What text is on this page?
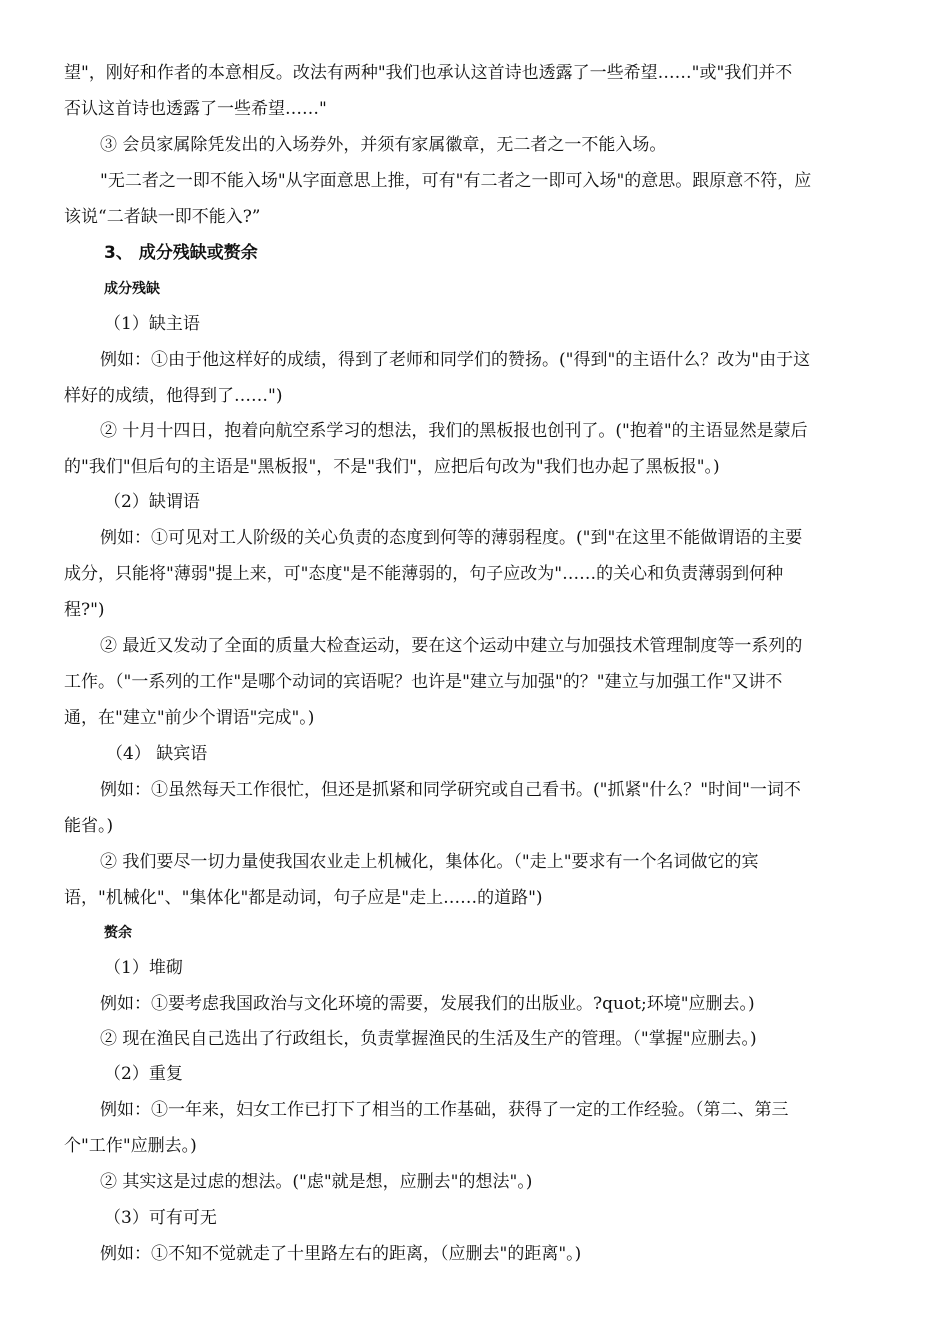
望"，刚好和作者的本意相反。改法有两种"我们也承认这首诗也透露了一些希望……"或"我们并不
否认这首诗也透露了一些希望……"
③ 会员家属除凭发出的入场券外，并须有家属徽章，无二者之一不能入场。
"无二者之一即不能入场"从字面意思上推，可有"有二者之一即可入场"的意思。跟原意不符，应
该说“二者缺一即不能入?”
3、 成分残缺或赘余
成分残缺
（1）缺主语
例如：①由于他这样好的成绩，得到了老师和同学们的赞扬。("得到"的主语什么？改为"由于这
样好的成绩，他得到了……")
② 十月十四日，抱着向航空系学习的想法，我们的黑板报也创刊了。("抱着"的主语显然是蒙后
的"我们"但后句的主语是"黑板报"，不是"我们"，应把后句改为"我们也办起了黑板报"。)
（2）缺谓语
例如：①可见对工人阶级的关心负责的态度到何等的薄弱程度。("到"在这里不能做谓语的主要
成分，只能将"薄弱"提上来，可"态度"是不能薄弱的，句子应改为"……的关心和负责薄弱到何种
程?")
② 最近又发动了全面的质量大检查运动，要在这个运动中建立与加强技术管理制度等一系列的
工作。（"一系列的工作"是哪个动词的宾语呢？也许是"建立与加强"的？"建立与加强工作"又讲不
通，在"建立"前少个谓语"完成"。)
（4） 缺宾语
例如：①虽然每天工作很忙，但还是抓紧和同学研究或自己看书。("抓紧"什么？"时间"一词不
能省。)
② 我们要尽一切力量使我国农业走上机械化，集体化。（"走上"要求有一个名词做它的宾
语，"机械化"、"集体化"都是动词，句子应是"走上……的道路")
赘余
（1）堆砌
例如：①要考虑我国政治与文化环境的需要，发展我们的出版业。?quot;环境"应删去。)
② 现在渔民自己选出了行政组长，负责掌握渔民的生活及生产的管理。（"掌握"应删去。)
（2）重复
例如：①一年来，妇女工作已打下了相当的工作基础，获得了一定的工作经验。（第二、第三
个"工作"应删去。)
② 其实这是过虑的想法。("虑"就是想，应删去"的想法"。)
（3）可有可无
例如：①不知不觉就走了十里路左右的距离，（应删去"的距离"。)
